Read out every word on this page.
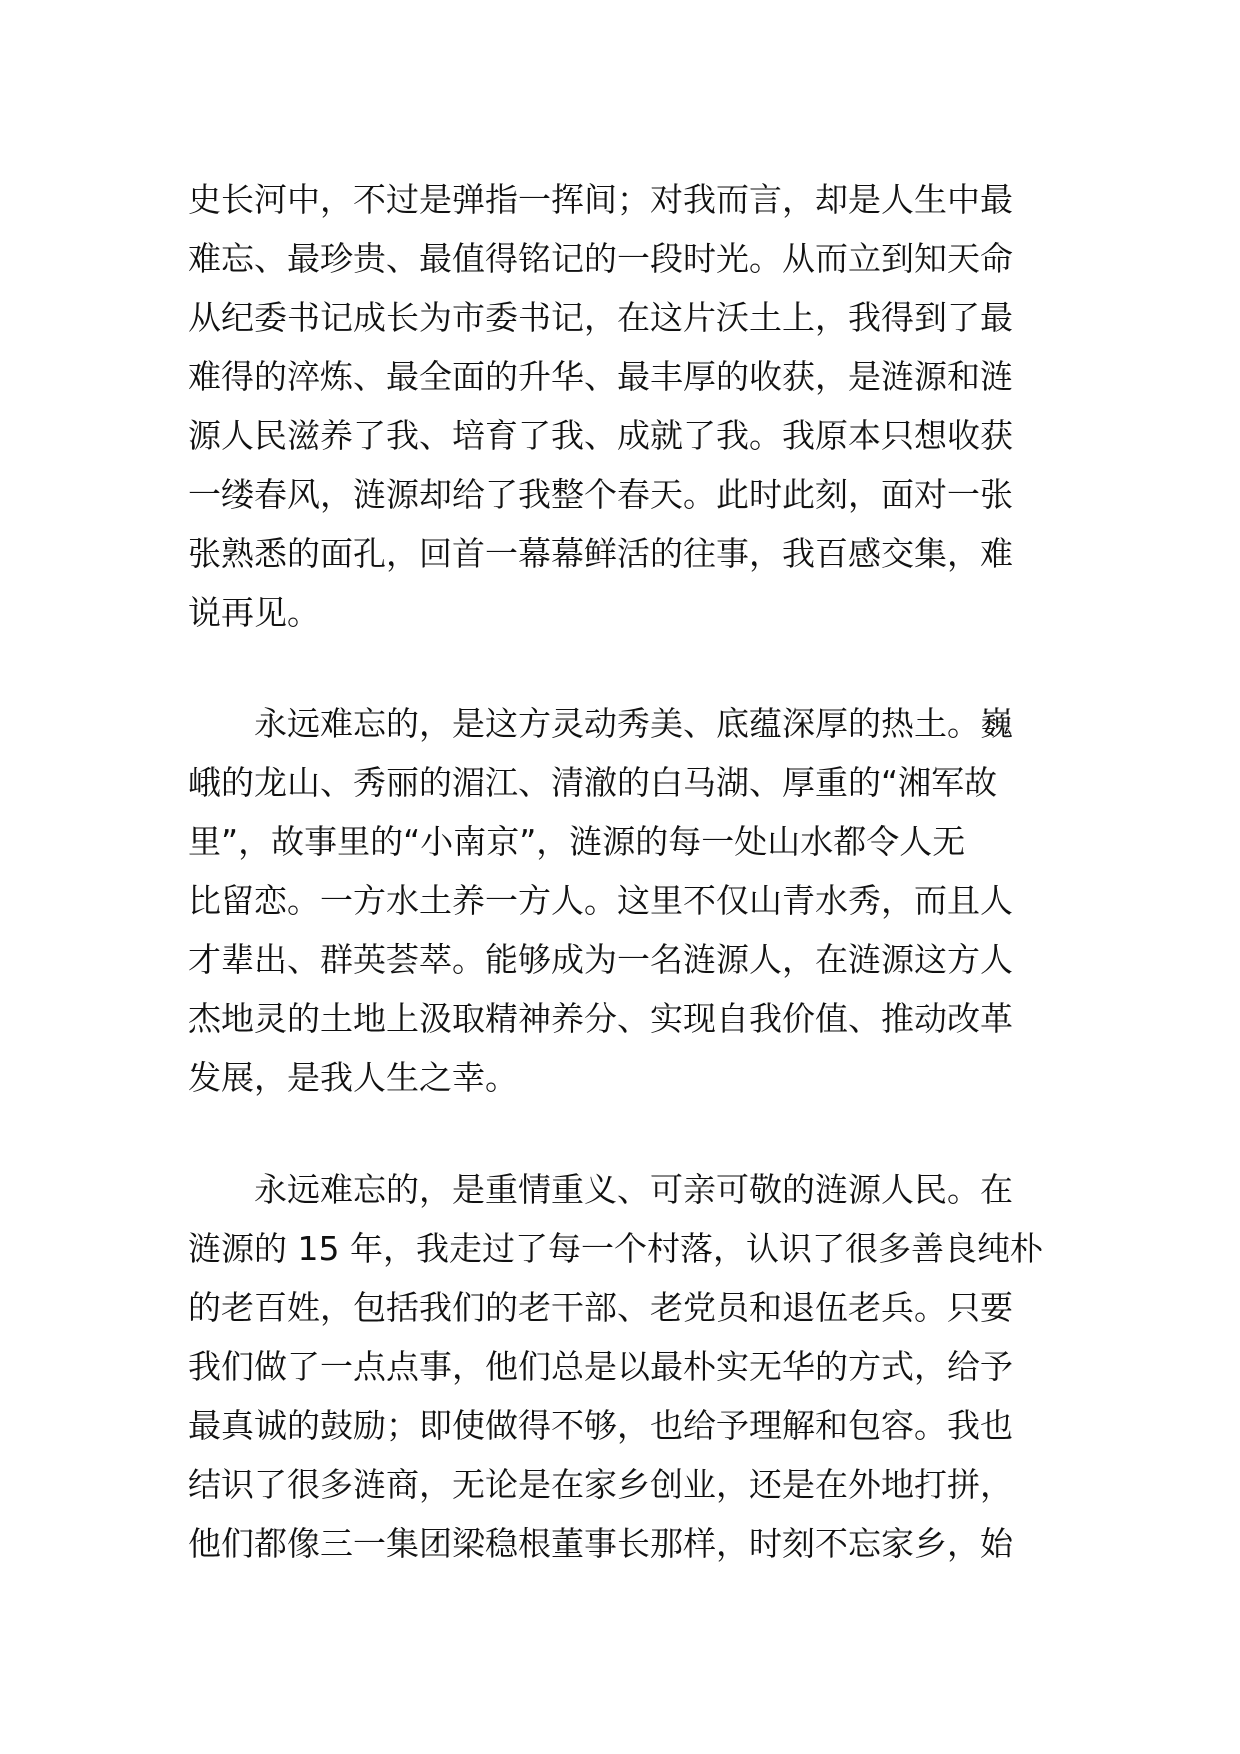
史长河中，不过是弹指一挥间；对我而言，却是人生中最
难忘、最珍贵、最值得铭记的一段时光。从而立到知天命
从纪委书记成长为市委书记，在这片沃土上，我得到了最
难得的淬炼、最全面的升华、最丰厚的收获，是涟源和涟
源人民滋养了我、培育了我、成就了我。我原本只想收获
一缕春风，涟源却给了我整个春天。此时此刻，面对一张
张熟悉的面孔，回首一幕幕鲜活的往事，我百感交集，难
说再见。
永远难忘的，是这方灵动秀美、底蕴深厚的热土。巍
峨的龙山、秀丽的湄江、清澈的白马湖、厚重的“湘军故
里”，故事里的“小南京”，涟源的每一处山水都令人无
比留恋。一方水土养一方人。这里不仅山青水秀，而且人
才辈出、群英荟萃。能够成为一名涟源人，在涟源这方人
杰地灵的土地上汲取精神养分、实现自我价值、推动改革
发展，是我人生之幸。
永远难忘的，是重情重义、可亲可敬的涟源人民。在
涟源的 15 年，我走过了每一个村落，认识了很多善良纯朴
的老百姓，包括我们的老干部、老党员和退伍老兵。只要
我们做了一点点事，他们总是以最朴实无华的方式，给予
最真诚的鼓励；即使做得不够，也给予理解和包容。我也
结识了很多涟商，无论是在家乡创业，还是在外地打拼，
他们都像三一集团梁稳根董事长那样，时刻不忘家乡，始
